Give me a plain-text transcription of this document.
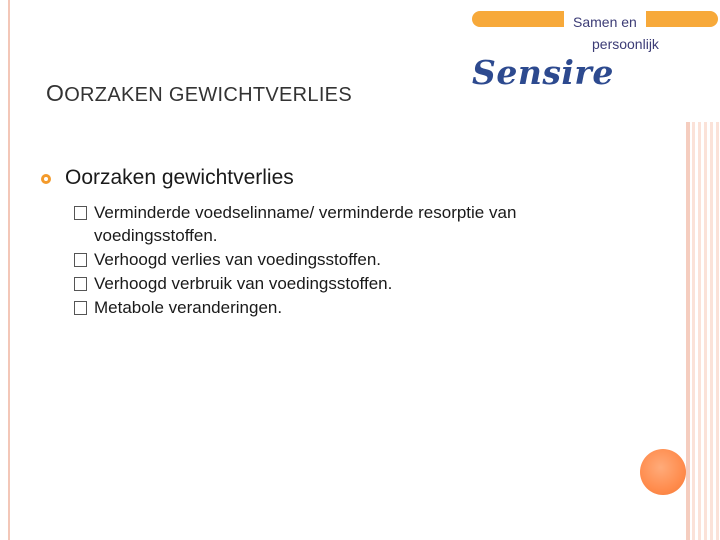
Samen en
persoonlijk
Sensire
OORZAKEN GEWICHTVERLIES
Oorzaken gewichtverlies
Verminderde voedselinname/ verminderde resorptie van voedingsstoffen.
Verhoogd verlies van voedingsstoffen.
Verhoogd verbruik van voedingsstoffen.
Metabole veranderingen.
